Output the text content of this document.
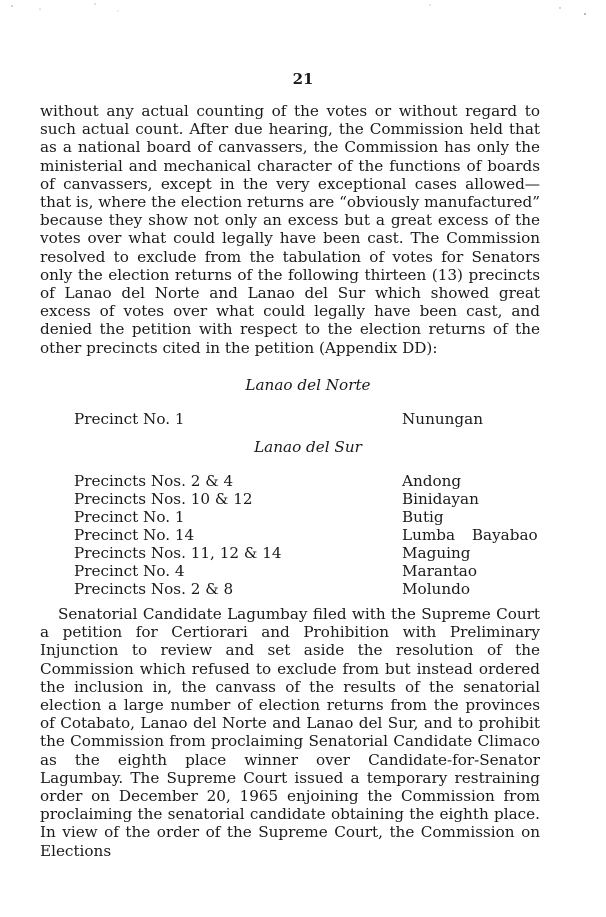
21

without any actual counting of the votes or without regard to such actual count. After due hearing, the Commission held that as a national board of canvassers, the Commission has only the ministerial and mechanical character of the functions of boards of canvassers, except in the very exceptional cases allowed—that is, where the election returns are “obviously manufactured” because they show not only an excess but a great excess of the votes over what could legally have been cast. The Commission resolved to exclude from the tabulation of votes for Senators only the election returns of the following thirteen (13) precincts of Lanao del Norte and Lanao del Sur which showed great excess of votes over what could legally have been cast, and denied the petition with respect to the election returns of the other precincts cited in the petition (Appendix DD):

Lanao del Norte
Precinct No. 1	Nunungan
Lanao del Sur
Precincts Nos. 2 & 4	Andong
Precincts Nos. 10 & 12	Binidayan
Precinct No. 1	Butig
Precinct No. 14	Lumba Bayabao
Precincts Nos. 11, 12 & 14	Maguing
Precinct No. 4	Marantao
Precincts Nos. 2 & 8	Molundo

Senatorial Candidate Lagumbay filed with the Supreme Court a petition for Certiorari and Prohibition with Preliminary Injunction to review and set aside the resolution of the Commission which refused to exclude from but instead ordered the inclusion in, the canvass of the results of the senatorial election a large number of election returns from the provinces of Cotabato, Lanao del Norte and Lanao del Sur, and to prohibit the Commission from proclaiming Senatorial Candidate Climaco as the eighth place winner over Candidate-for-Senator Lagumbay. The Supreme Court issued a temporary restraining order on December 20, 1965 enjoining the Commission from proclaiming the senatorial candidate obtaining the eighth place. In view of the order of the Supreme Court, the Commission on Elections
